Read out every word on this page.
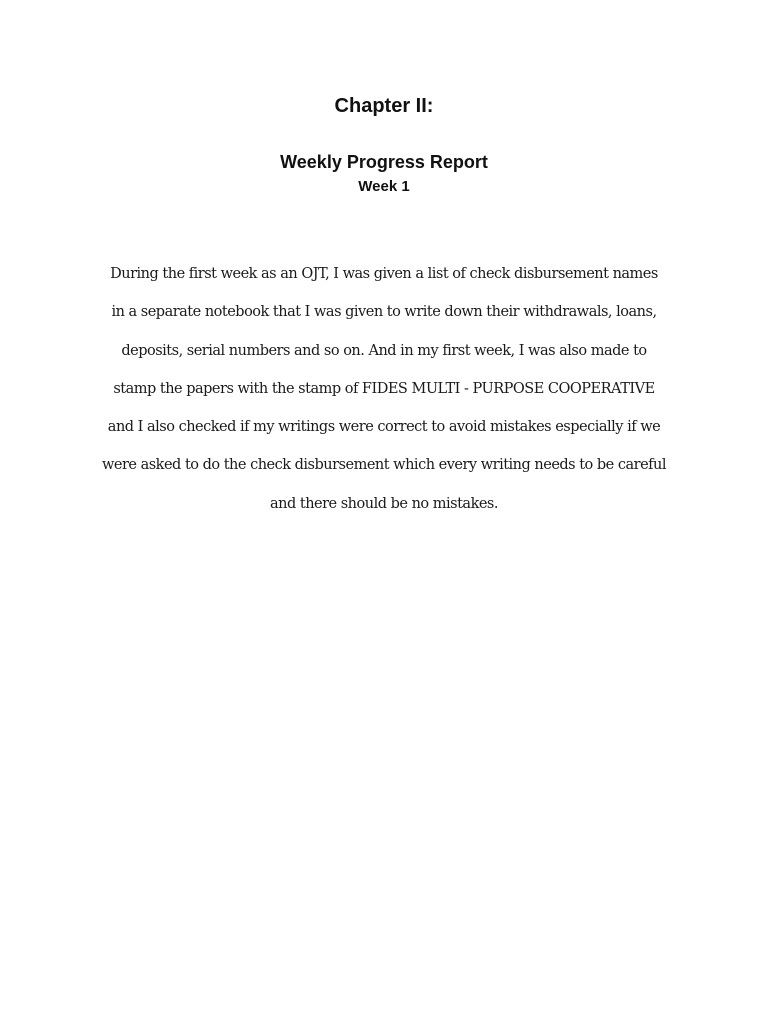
Chapter II:
Weekly Progress Report
Week 1

During the first week as an OJT, I was given a list of check disbursement names
in a separate notebook that I was given to write down their withdrawals, loans,
deposits, serial numbers and so on. And in my first week, I was also made to
stamp the papers with the stamp of FIDES MULTI - PURPOSE COOPERATIVE
and I also checked if my writings were correct to avoid mistakes especially if we
were asked to do the check disbursement which every writing needs to be careful
and there should be no mistakes.
